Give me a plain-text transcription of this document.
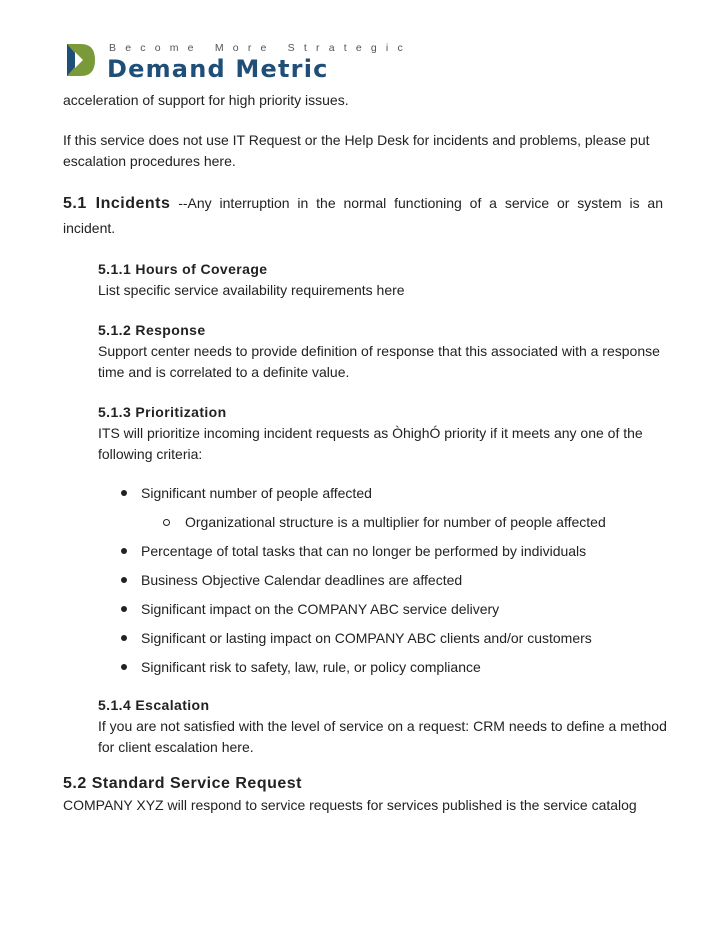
Become More Strategic
Demand Metric

acceleration of support for high priority issues.

If this service does not use IT Request or the Help Desk for incidents and problems, please put escalation procedures here.

5.1 Incidents --Any interruption in the normal functioning of a service or system is an incident.

5.1.1 Hours of Coverage
List specific service availability requirements here
5.1.2 Response
Support center needs to provide definition of response that this associated with a response time and is correlated to a definite value.
5.1.3 Prioritization
ITS will prioritize incoming incident requests as ÒhighÓ priority if it meets any one of the following criteria:
Significant number of people affected
Organizational structure is a multiplier for number of people affected
Percentage of total tasks that can no longer be performed by individuals
Business Objective Calendar deadlines are affected
Significant impact on the COMPANY ABC service delivery
Significant or lasting impact on COMPANY ABC clients and/or customers
Significant risk to safety, law, rule, or policy compliance
5.1.4 Escalation
If you are not satisfied with the level of service on a request: CRM needs to define a method for client escalation here.
5.2 Standard Service Request

COMPANY XYZ will respond to service requests for services published is the service catalog
